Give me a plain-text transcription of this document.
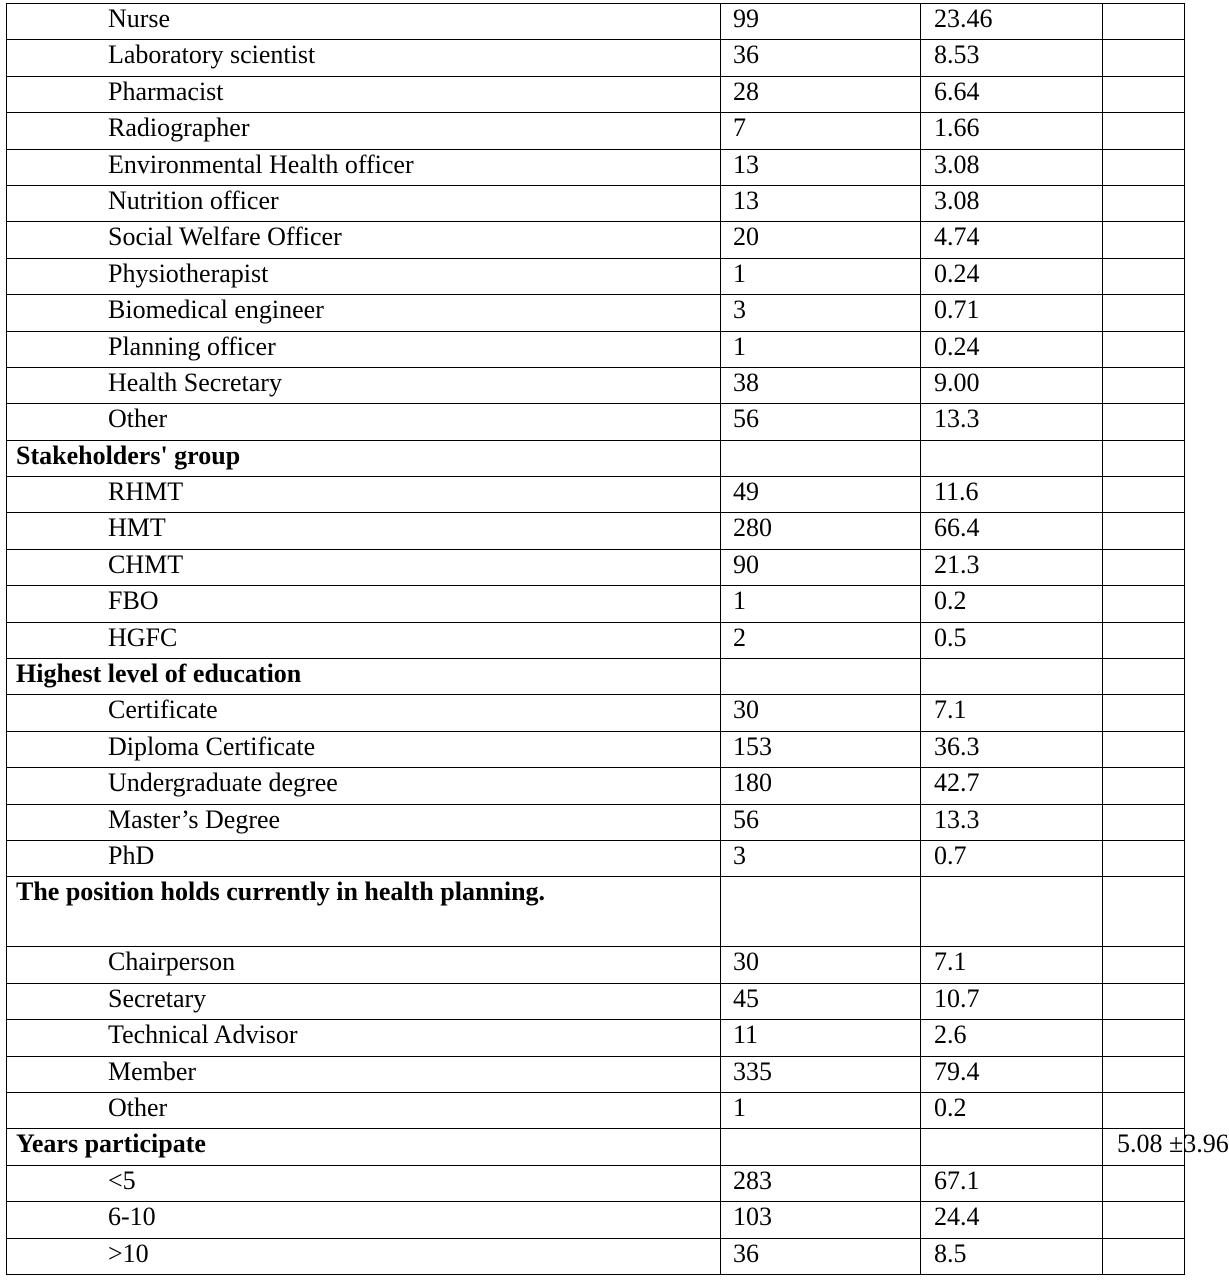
Nurse	99	23.46	
Laboratory scientist	36	8.53	
Pharmacist	28	6.64	
Radiographer	7	1.66	
Environmental Health officer	13	3.08	
Nutrition officer	13	3.08	
Social Welfare Officer	20	4.74	
Physiotherapist	1	0.24	
Biomedical engineer	3	0.71	
Planning officer	1	0.24	
Health Secretary	38	9.00	
Other	56	13.3	
Stakeholders' group			
RHMT	49	11.6	
HMT	280	66.4	
CHMT	90	21.3	
FBO	1	0.2	
HGFC	2	0.5	
Highest level of education			
Certificate	30	7.1	
Diploma Certificate	153	36.3	
Undergraduate degree	180	42.7	
Master’s Degree	56	13.3	
PhD	3	0.7	
The position holds currently in health planning.			
Chairperson	30	7.1	
Secretary	45	10.7	
Technical Advisor	11	2.6	
Member	335	79.4	
Other	1	0.2	
Years participate			5.08 ±3.96
<5	283	67.1	
6-10	103	24.4	
>10	36	8.5	
